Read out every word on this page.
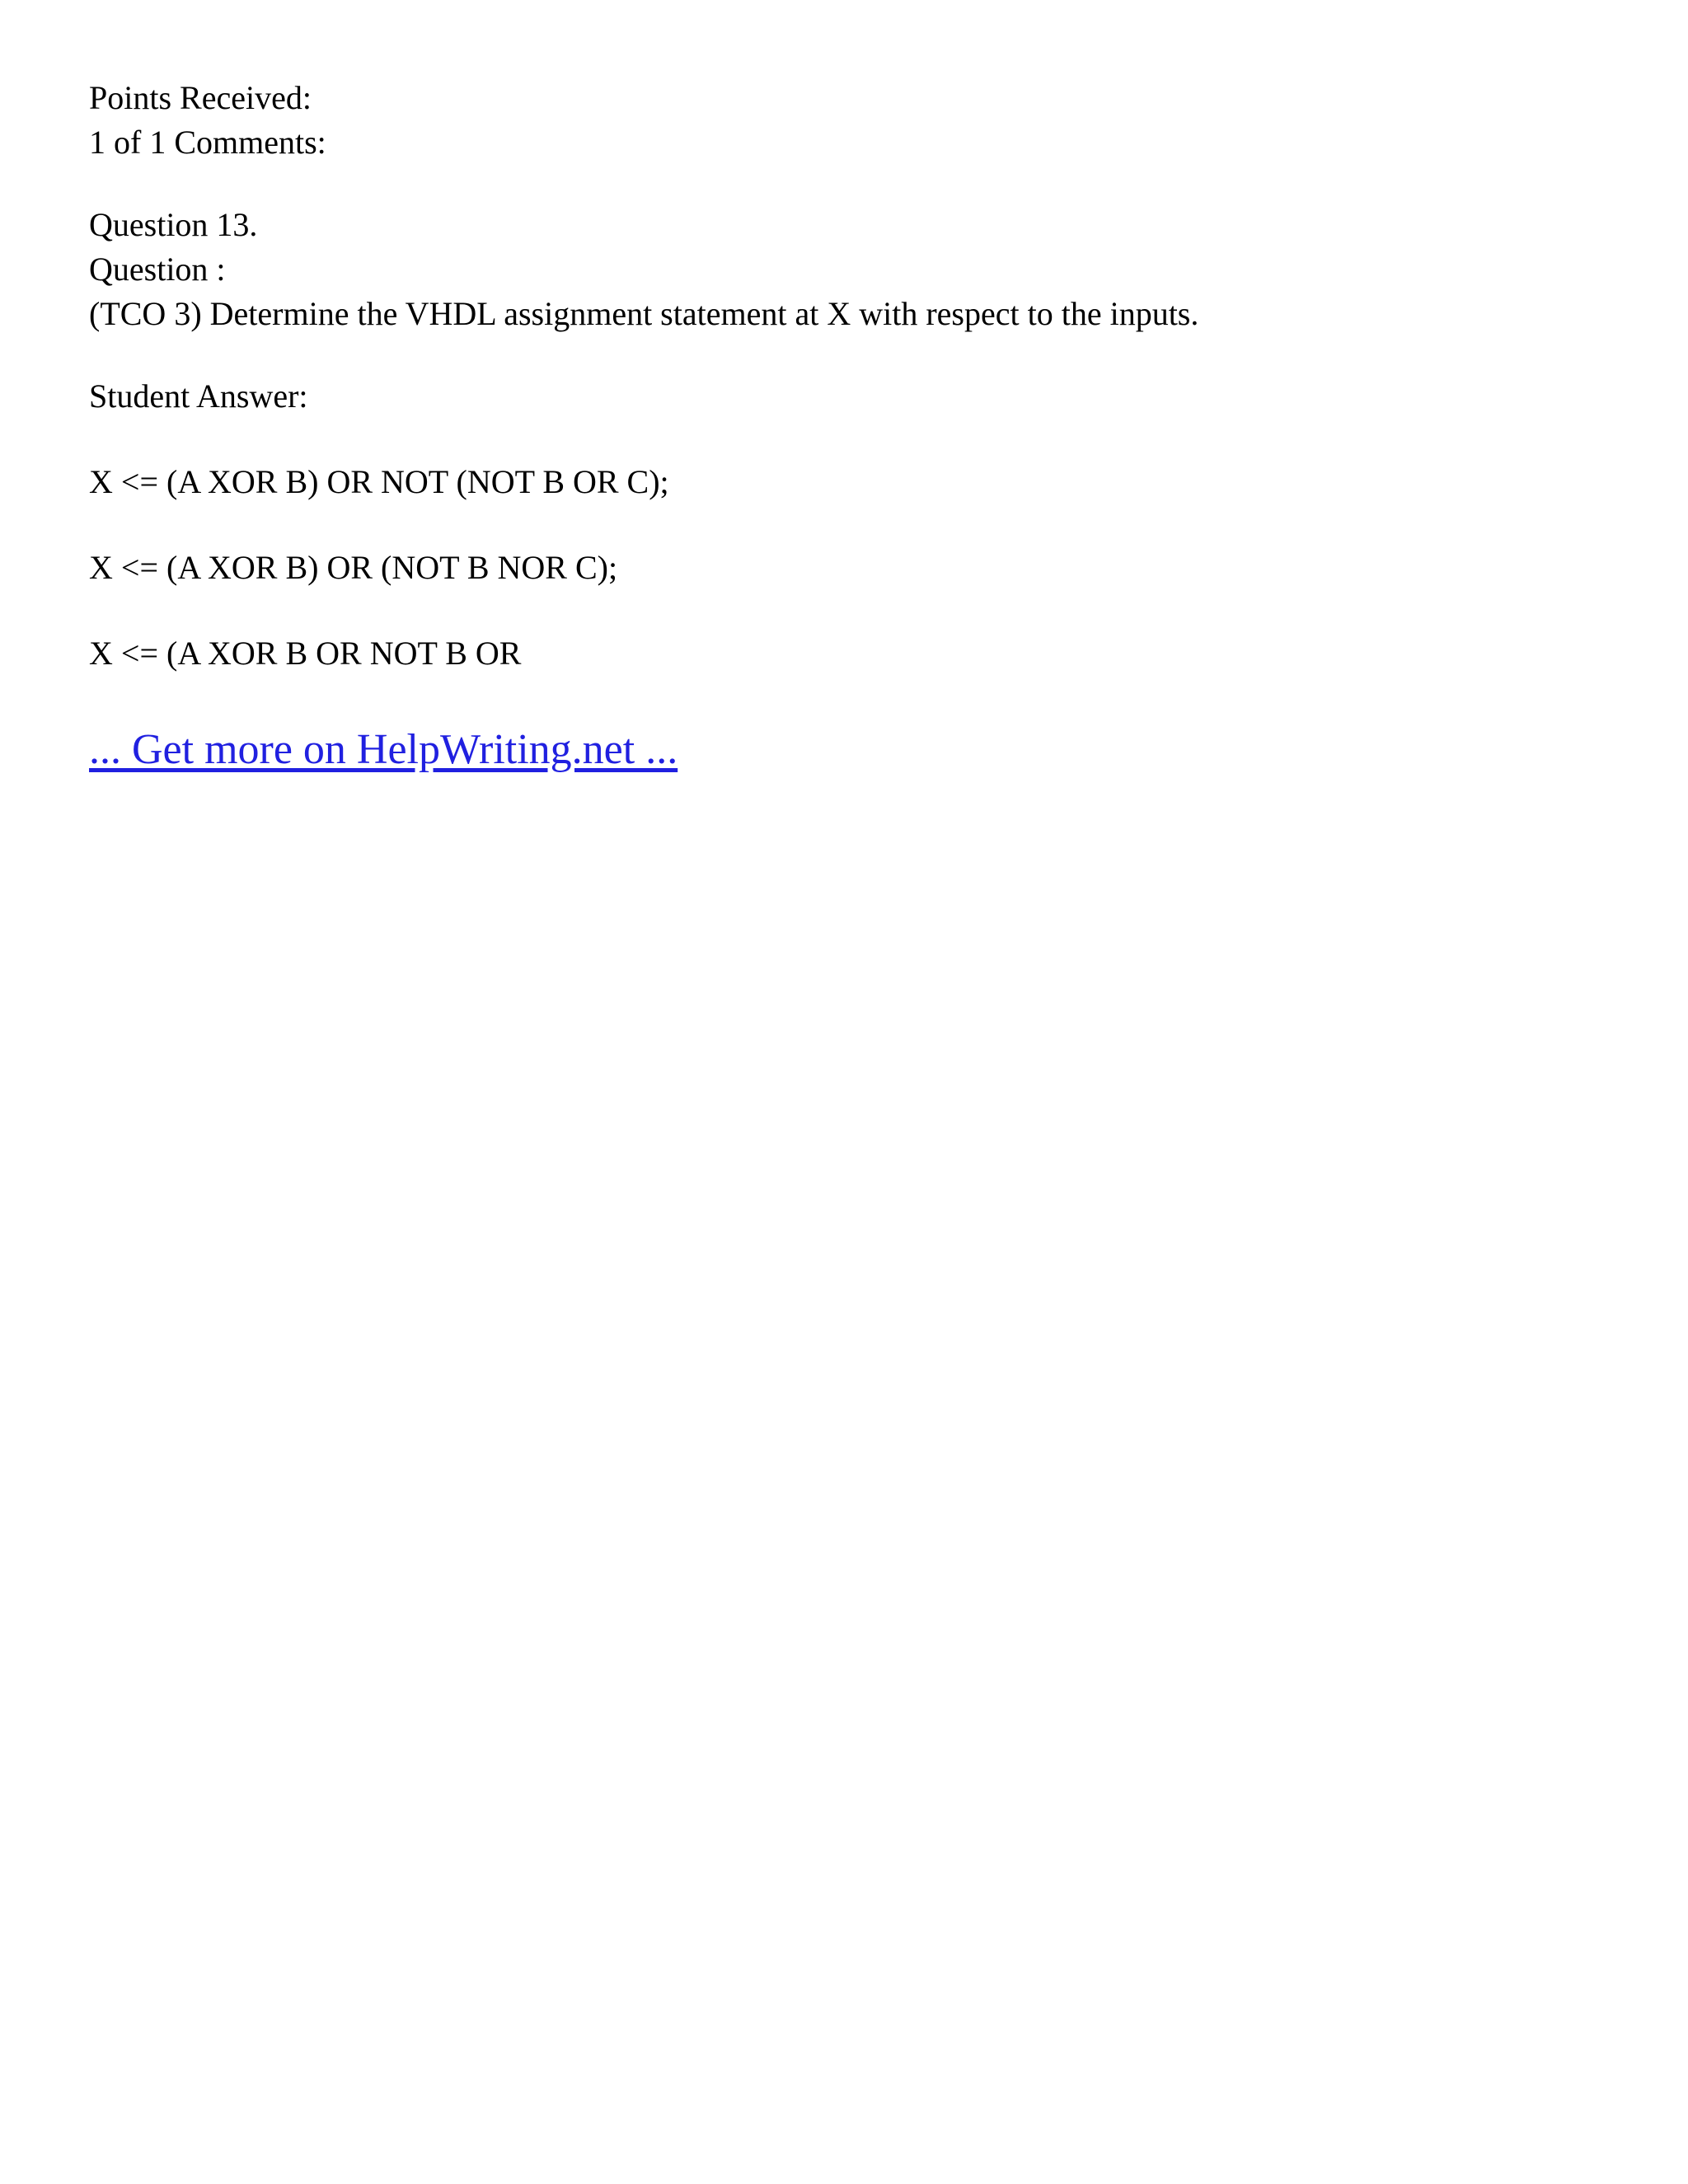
Points Received:
1 of 1 Comments:
Question 13.
Question :
(TCO 3) Determine the VHDL assignment statement at X with respect to the inputs.
Student Answer:
X <= (A XOR B) OR NOT (NOT B OR C);
X <= (A XOR B) OR (NOT B NOR C);
X <= (A XOR B OR NOT B OR
... Get more on HelpWriting.net ...
